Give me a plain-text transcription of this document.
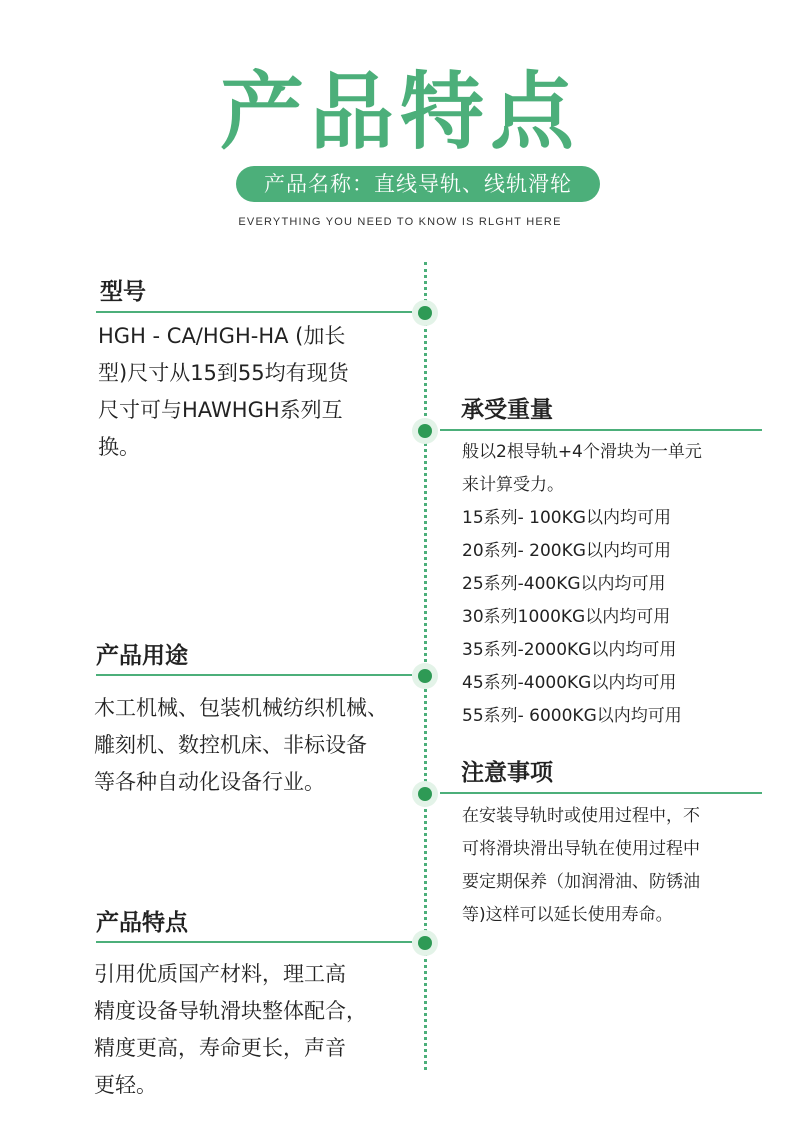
产品特点
产品名称：直线导轨、线轨滑轮
EVERYTHING YOU NEED TO KNOW IS RLGHT HERE
型号
HGH - CA/HGH-HA (加长
型)尺寸从15到55均有现货
尺寸可与HAWHGH系列互
换。
产品用途
木工机械、包装机械纺织机械、
雕刻机、数控机床、非标设备
等各种自动化设备行业。
产品特点
引用优质国产材料，理工高
精度设备导轨滑块整体配合，
精度更高，寿命更长，声音
更轻。
承受重量
般以2根导轨+4个滑块为一单元
来计算受力。
15系列- 100KG以内均可用
20系列- 200KG以内均可用
25系列-400KG以内均可用
30系列1000KG以内均可用
35系列-2000KG以内均可用
45系列-4000KG以内均可用
55系列- 6000KG以内均可用
注意事项
在安装导轨时或使用过程中，不
可将滑块滑出导轨在使用过程中
要定期保养（加润滑油、防锈油
等)这样可以延长使用寿命。
